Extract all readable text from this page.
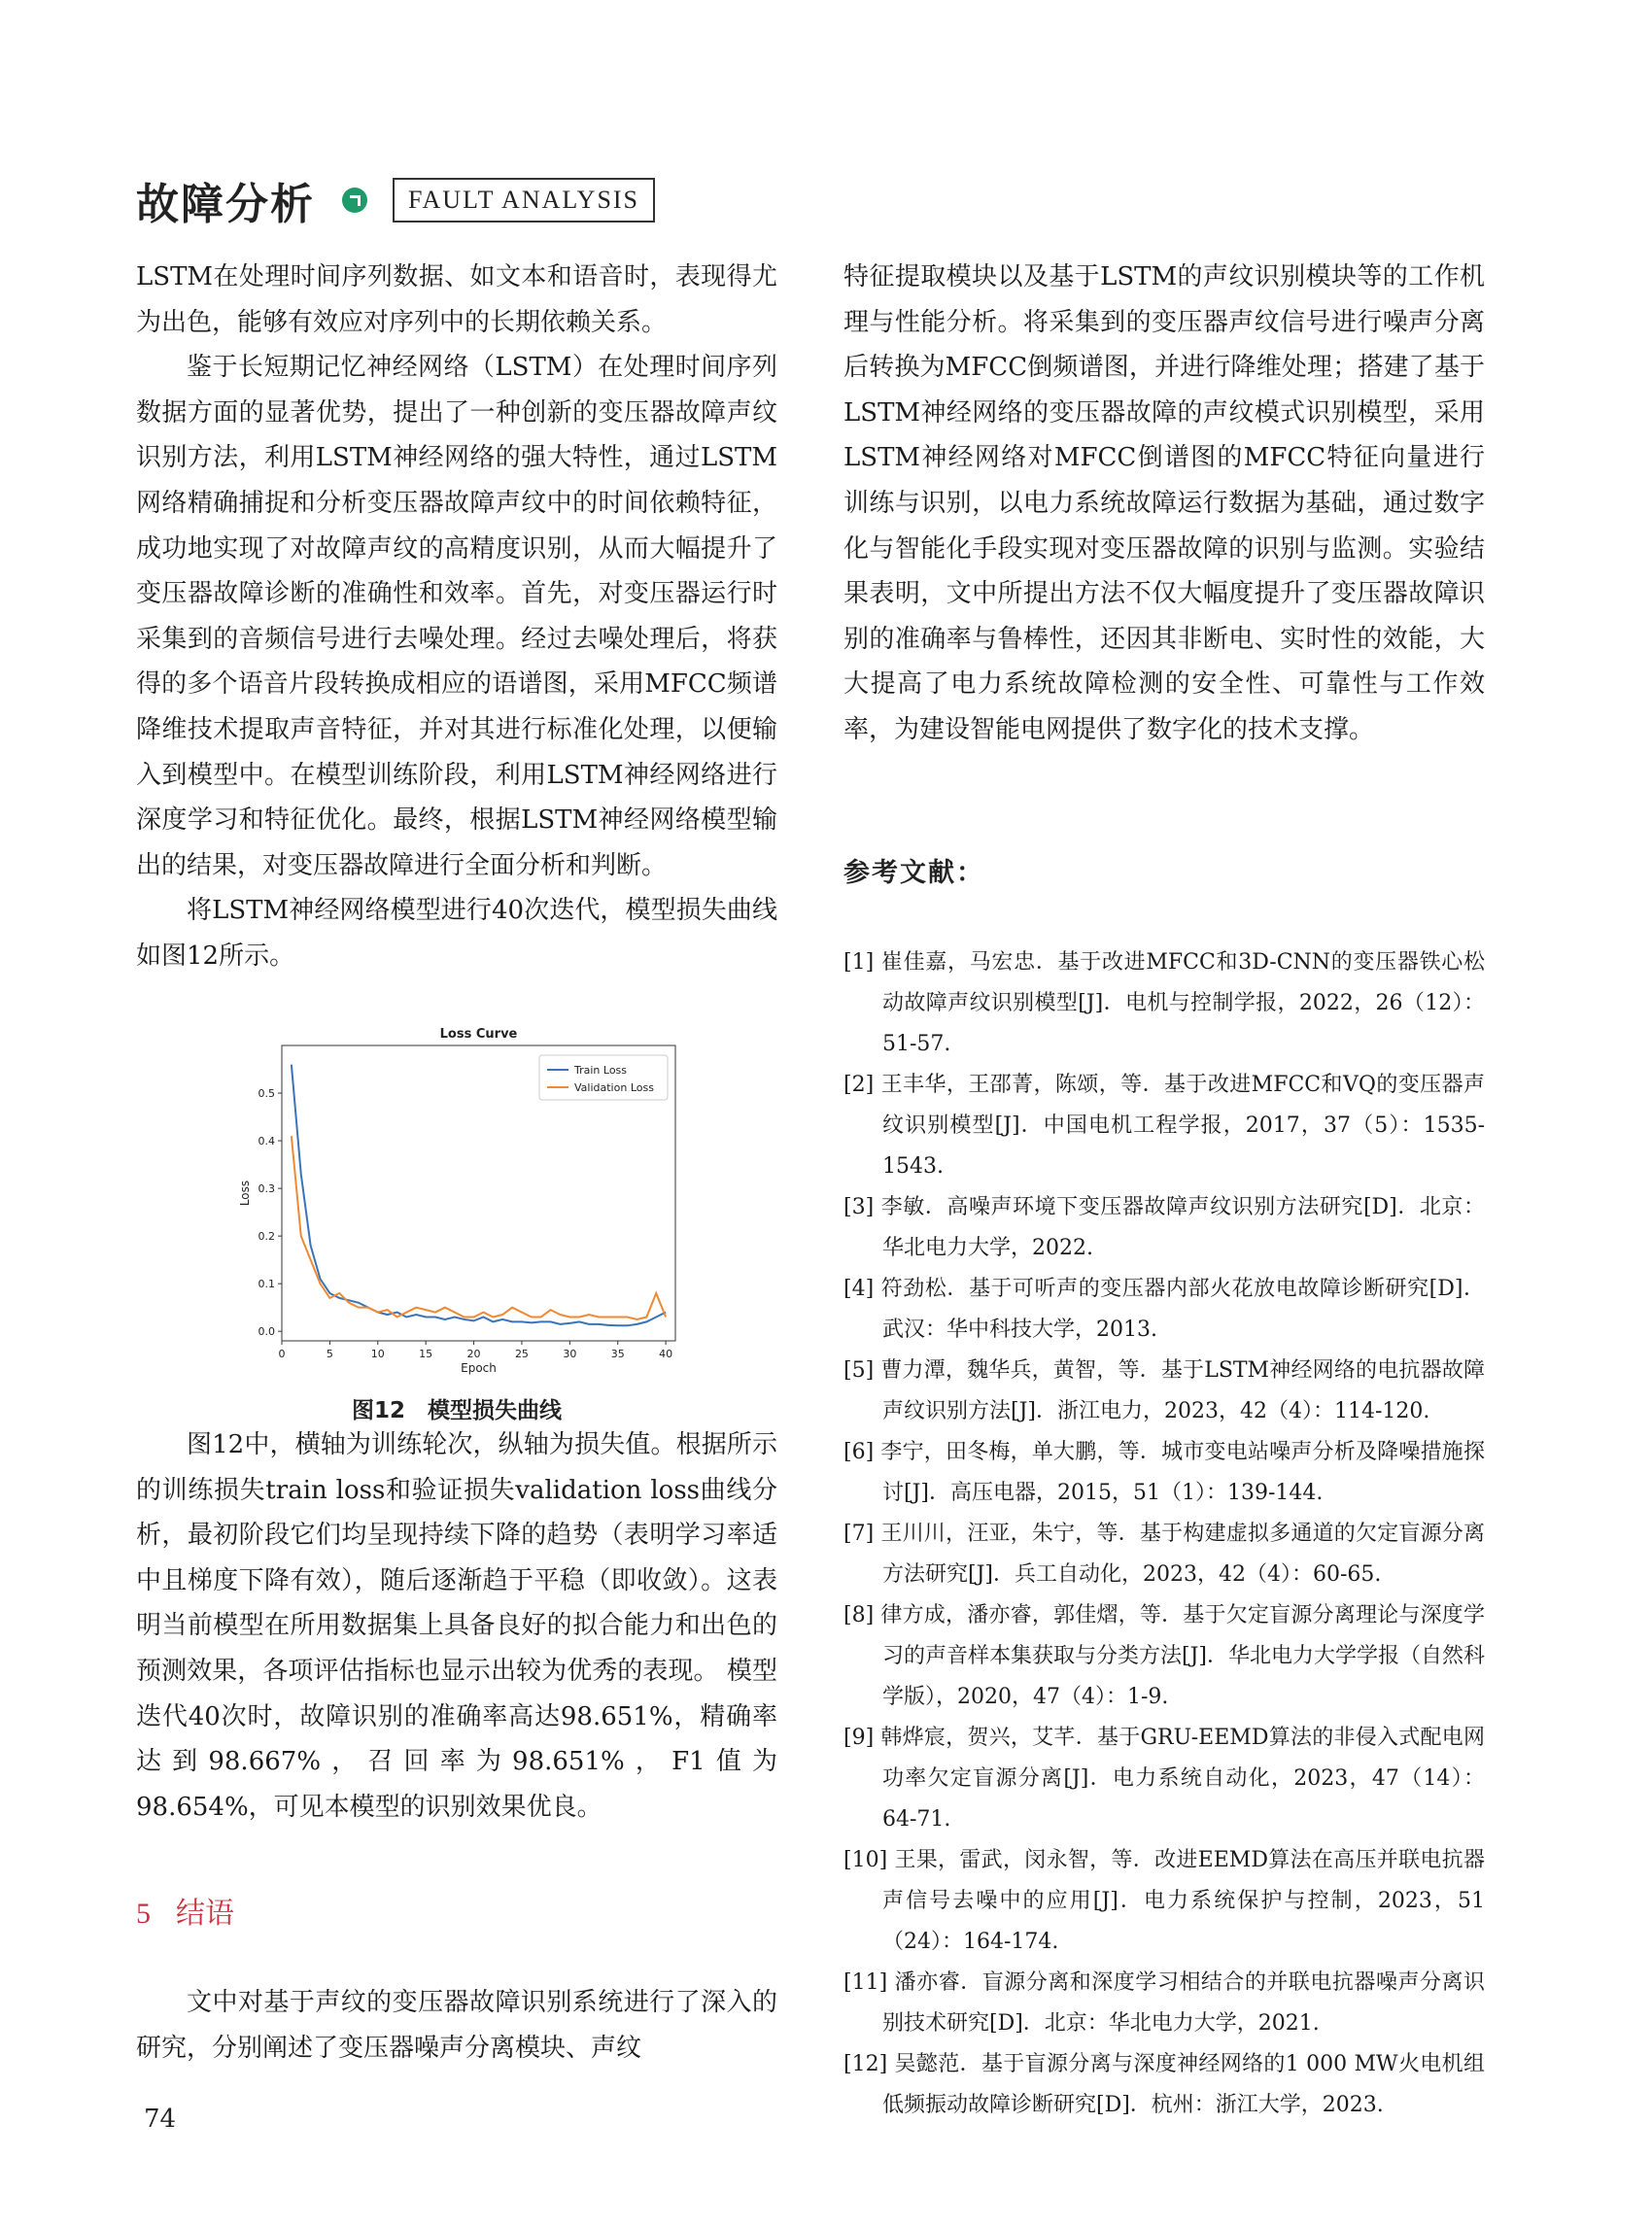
故障分析	FAULT ANALYSIS

LSTM在处理时间序列数据、如文本和语音时，表现得尤为出色，能够有效应对序列中的长期依赖关系。

鉴于长短期记忆神经网络（LSTM）在处理时间序列数据方面的显著优势，提出了一种创新的变压器故障声纹识别方法，利用LSTM神经网络的强大特性，通过LSTM网络精确捕捉和分析变压器故障声纹中的时间依赖特征，成功地实现了对故障声纹的高精度识别，从而大幅提升了变压器故障诊断的准确性和效率。首先，对变压器运行时采集到的音频信号进行去噪处理。经过去噪处理后，将获得的多个语音片段转换成相应的语谱图，采用MFCC频谱降维技术提取声音特征，并对其进行标准化处理，以便输入到模型中。在模型训练阶段，利用LSTM神经网络进行深度学习和特征优化。最终，根据LSTM神经网络模型输出的结果，对变压器故障进行全面分析和判断。

将LSTM神经网络模型进行40次迭代，模型损失曲线如图12所示。

Loss Curve
0	5	10	15	20	25	30	35	40
0.0
0.1
0.2
0.3
0.4
0.5
Epoch
Loss
Train Loss
Validation Loss
图12　模型损失曲线

图12中，横轴为训练轮次，纵轴为损失值。根据所示的训练损失train loss和验证损失validation loss曲线分析，最初阶段它们均呈现持续下降的趋势（表明学习率适中且梯度下降有效），随后逐渐趋于平稳（即收敛）。这表明当前模型在所用数据集上具备良好的拟合能力和出色的预测效果，各项评估指标也显示出较为优秀的表现。 模型迭代40次时，故障识别的准确率高达98.651%，精确率达到98.667%，召回率为98.651%，F1值为98.654%，可见本模型的识别效果优良。

5 结语

文中对基于声纹的变压器故障识别系统进行了深入的研究，分别阐述了变压器噪声分离模块、声纹

特征提取模块以及基于LSTM的声纹识别模块等的工作机理与性能分析。将采集到的变压器声纹信号进行噪声分离后转换为MFCC倒频谱图，并进行降维处理；搭建了基于LSTM神经网络的变压器故障的声纹模式识别模型，采用LSTM神经网络对MFCC倒谱图的MFCC特征向量进行训练与识别，以电力系统故障运行数据为基础，通过数字化与智能化手段实现对变压器故障的识别与监测。实验结果表明，文中所提出方法不仅大幅度提升了变压器故障识别的准确率与鲁棒性，还因其非断电、实时性的效能，大大提高了电力系统故障检测的安全性、可靠性与工作效率，为建设智能电网提供了数字化的技术支撑。

参考文献：

[1] 崔佳嘉，马宏忠．基于改进MFCC和3D-CNN的变压器铁心松动故障声纹识别模型[J]．电机与控制学报，2022，26（12）：51-57.

[2] 王丰华，王邵菁，陈颂，等．基于改进MFCC和VQ的变压器声纹识别模型[J]．中国电机工程学报，2017，37（5）：1535-1543.

[3] 李敏．高噪声环境下变压器故障声纹识别方法研究[D]．北京：华北电力大学，2022.

[4] 符劲松．基于可听声的变压器内部火花放电故障诊断研究[D]．武汉：华中科技大学，2013.

[5] 曹力潭，魏华兵，黄智，等．基于LSTM神经网络的电抗器故障声纹识别方法[J]．浙江电力，2023，42（4）：114-120.

[6] 李宁，田冬梅，单大鹏，等．城市变电站噪声分析及降噪措施探讨[J]．高压电器，2015，51（1）：139-144.

[7] 王川川，汪亚，朱宁，等．基于构建虚拟多通道的欠定盲源分离方法研究[J]．兵工自动化，2023，42（4）：60-65.

[8] 律方成，潘亦睿，郭佳熠，等．基于欠定盲源分离理论与深度学习的声音样本集获取与分类方法[J]．华北电力大学学报（自然科学版），2020，47（4）：1-9.

[9] 韩烨宸，贺兴，艾芊．基于GRU-EEMD算法的非侵入式配电网功率欠定盲源分离[J]．电力系统自动化，2023，47（14）：64-71.

[10] 王果，雷武，闵永智，等．改进EEMD算法在高压并联电抗器声信号去噪中的应用[J]．电力系统保护与控制，2023，51（24）：164-174.

[11] 潘亦睿．盲源分离和深度学习相结合的并联电抗器噪声分离识别技术研究[D]．北京：华北电力大学，2021.

[12] 吴懿范．基于盲源分离与深度神经网络的1 000 MW火电机组低频振动故障诊断研究[D]．杭州：浙江大学，2023.

74
